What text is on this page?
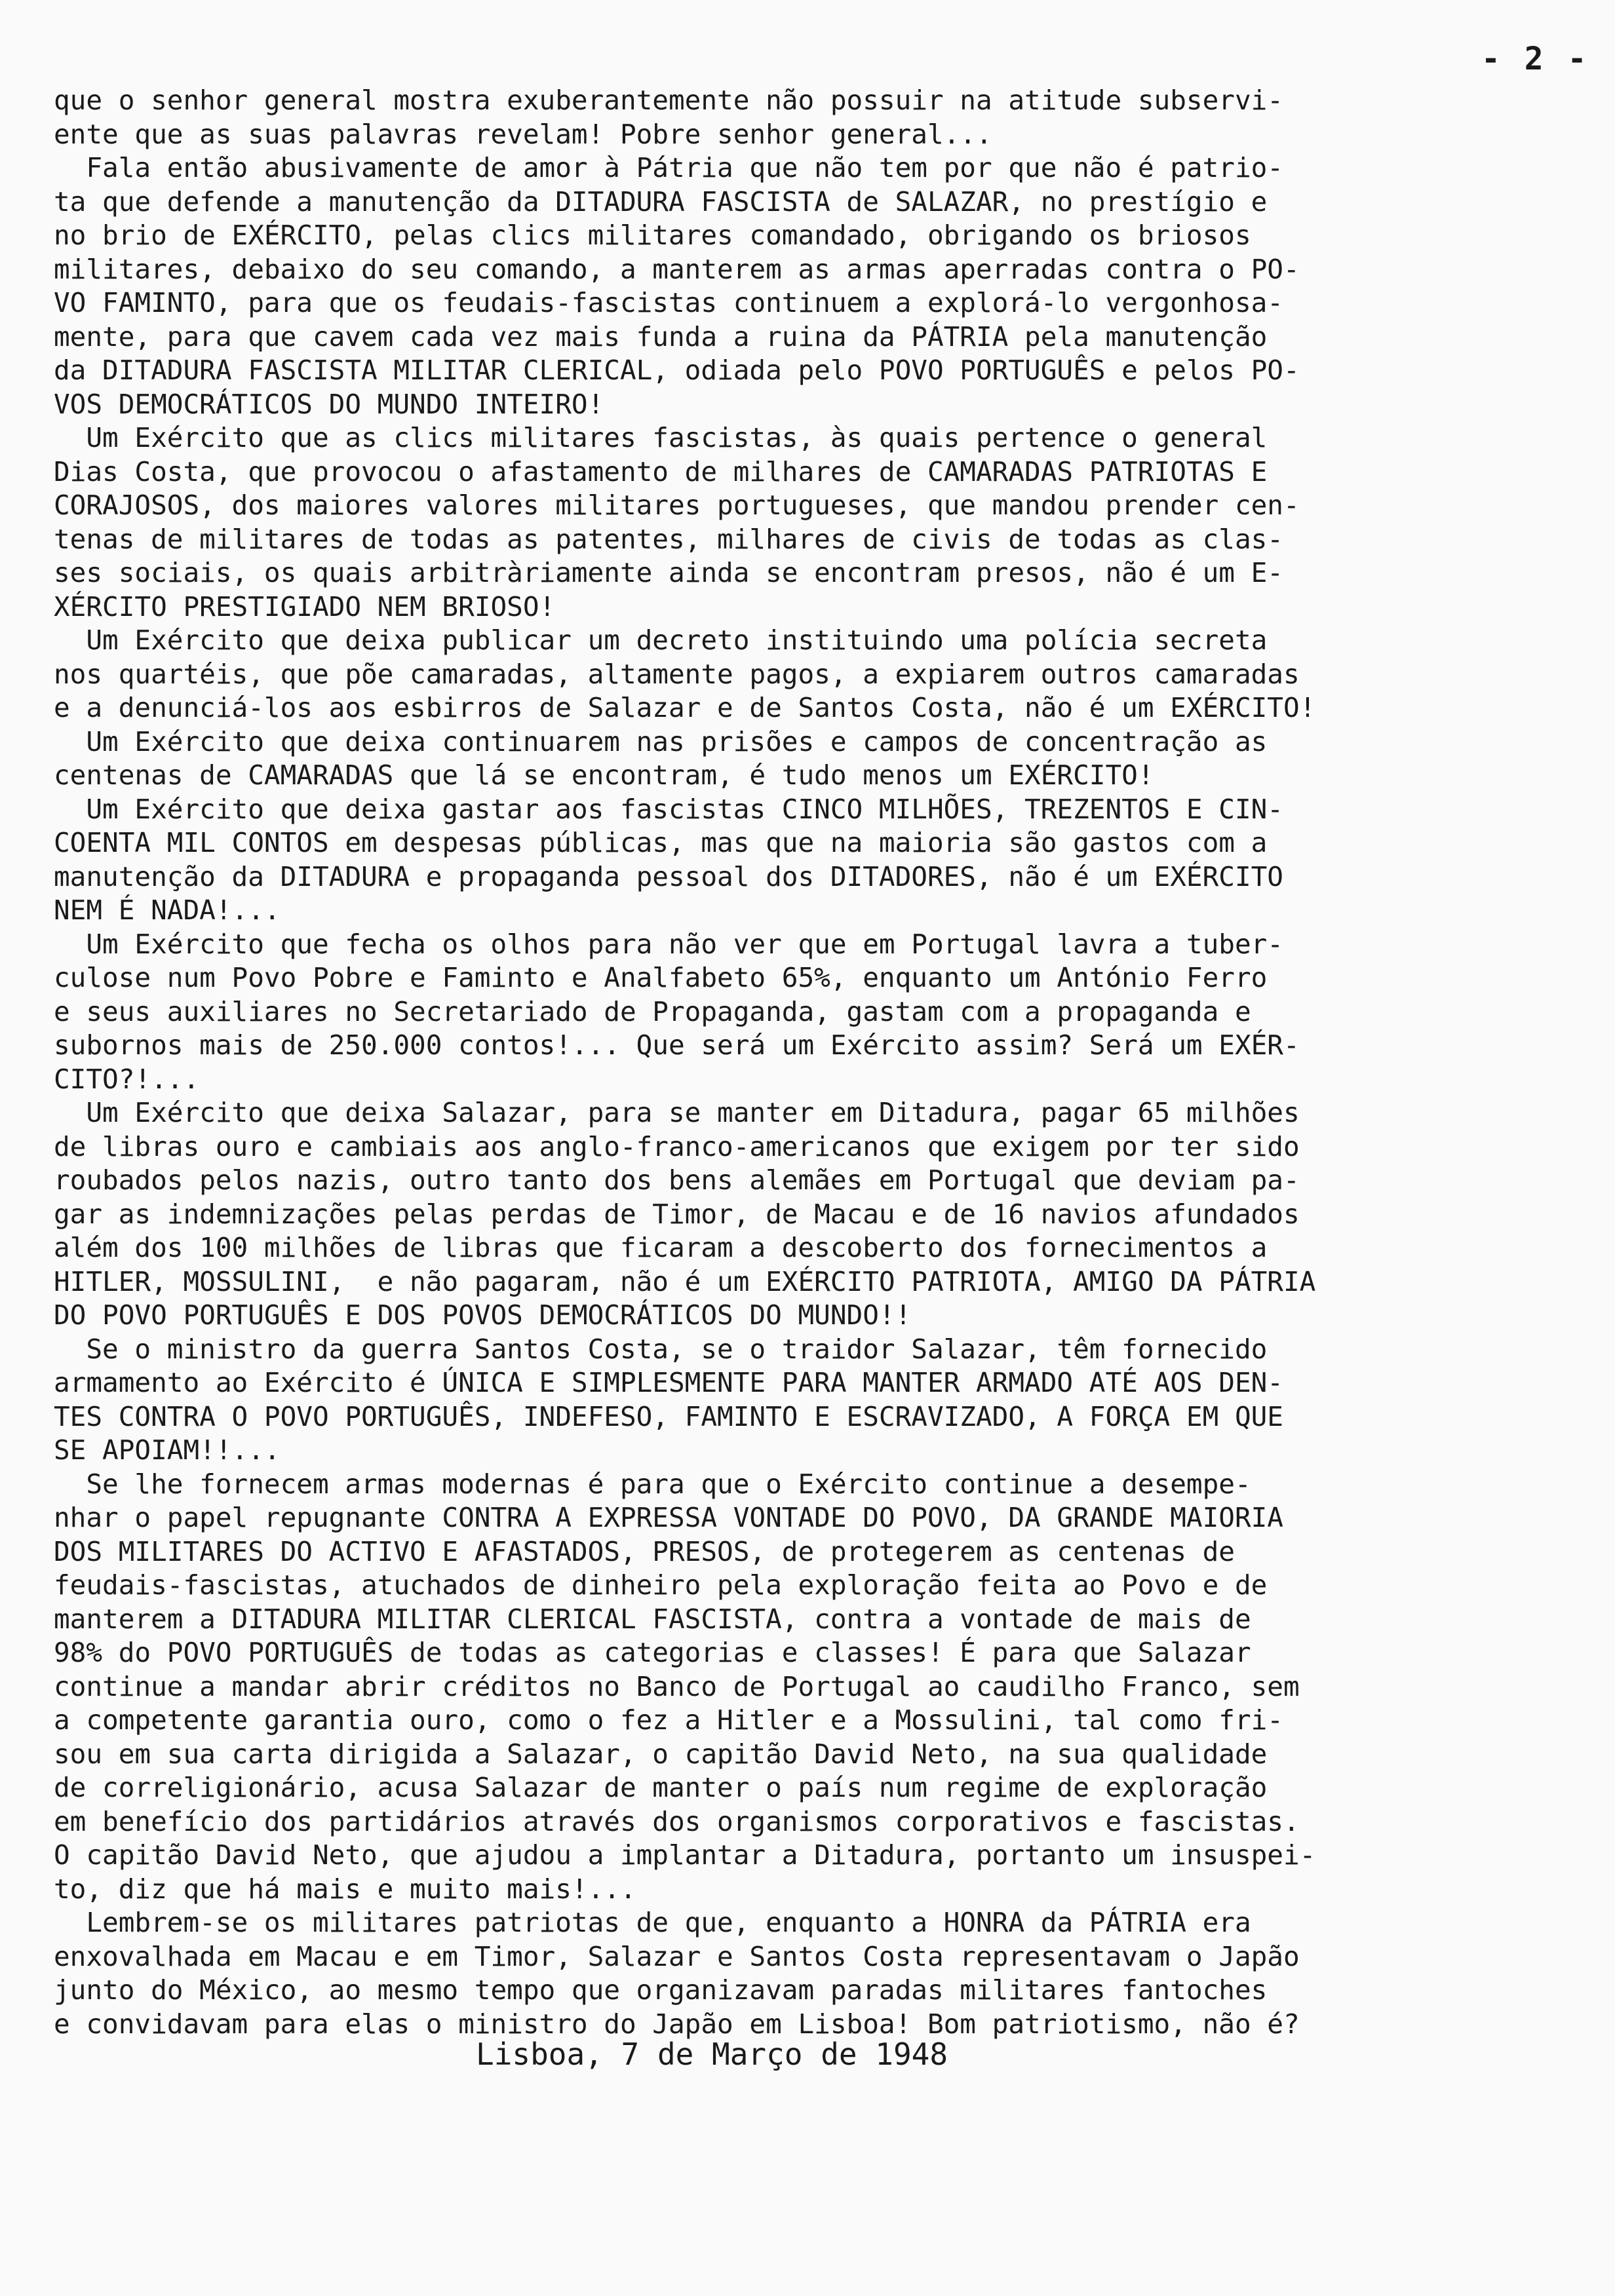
- 2 -
que o senhor general mostra exuberantemente não possuir na atitude subservi-
ente que as suas palavras revelam! Pobre senhor general...
Fala então abusivamente de amor à Pátria que não tem por que não é patrio-
ta que defende a manutenção da DITADURA FASCISTA de SALAZAR, no prestígio e
no brio de EXÉRCITO, pelas clics militares comandado, obrigando os briosos
militares, debaixo do seu comando, a manterem as armas aperradas contra o PO-
VO FAMINTO, para que os feudais-fascistas continuem a explorá-lo vergonhosa-
mente, para que cavem cada vez mais funda a ruina da PÁTRIA pela manutenção
da DITADURA FASCISTA MILITAR CLERICAL, odiada pelo POVO PORTUGUÊS e pelos PO-
VOS DEMOCRÁTICOS DO MUNDO INTEIRO!
Um Exército que as clics militares fascistas, às quais pertence o general
Dias Costa, que provocou o afastamento de milhares de CAMARADAS PATRIOTAS E
CORAJOSOS, dos maiores valores militares portugueses, que mandou prender cen-
tenas de militares de todas as patentes, milhares de civis de todas as clas-
ses sociais, os quais arbitràriamente ainda se encontram presos, não é um E-
XÉRCITO PRESTIGIADO NEM BRIOSO!
Um Exército que deixa publicar um decreto instituindo uma polícia secreta
nos quartéis, que põe camaradas, altamente pagos, a expiarem outros camaradas
e a denunciá-los aos esbirros de Salazar e de Santos Costa, não é um EXÉRCITO!
Um Exército que deixa continuarem nas prisões e campos de concentração as
centenas de CAMARADAS que lá se encontram, é tudo menos um EXÉRCITO!
Um Exército que deixa gastar aos fascistas CINCO MILHÕES, TREZENTOS E CIN-
COENTA MIL CONTOS em despesas públicas, mas que na maioria são gastos com a
manutenção da DITADURA e propaganda pessoal dos DITADORES, não é um EXÉRCITO
NEM É NADA!...
Um Exército que fecha os olhos para não ver que em Portugal lavra a tuber-
culose num Povo Pobre e Faminto e Analfabeto 65%, enquanto um António Ferro
e seus auxiliares no Secretariado de Propaganda, gastam com a propaganda e
subornos mais de 250.000 contos!... Que será um Exército assim? Será um EXÉR-
CITO?!...
Um Exército que deixa Salazar, para se manter em Ditadura, pagar 65 milhões
de libras ouro e cambiais aos anglo-franco-americanos que exigem por ter sido
roubados pelos nazis, outro tanto dos bens alemães em Portugal que deviam pa-
gar as indemnizações pelas perdas de Timor, de Macau e de 16 navios afundados
além dos 100 milhões de libras que ficaram a descoberto dos fornecimentos a
HITLER, MOSSULINI,  e não pagaram, não é um EXÉRCITO PATRIOTA, AMIGO DA PÁTRIA
DO POVO PORTUGUÊS E DOS POVOS DEMOCRÁTICOS DO MUNDO!!
Se o ministro da guerra Santos Costa, se o traidor Salazar, têm fornecido
armamento ao Exército é ÚNICA E SIMPLESMENTE PARA MANTER ARMADO ATÉ AOS DEN-
TES CONTRA O POVO PORTUGUÊS, INDEFESO, FAMINTO E ESCRAVIZADO, A FORÇA EM QUE
SE APOIAM!!...
Se lhe fornecem armas modernas é para que o Exército continue a desempe-
nhar o papel repugnante CONTRA A EXPRESSA VONTADE DO POVO, DA GRANDE MAIORIA
DOS MILITARES DO ACTIVO E AFASTADOS, PRESOS, de protegerem as centenas de
feudais-fascistas, atuchados de dinheiro pela exploração feita ao Povo e de
manterem a DITADURA MILITAR CLERICAL FASCISTA, contra a vontade de mais de
98% do POVO PORTUGUÊS de todas as categorias e classes! É para que Salazar
continue a mandar abrir créditos no Banco de Portugal ao caudilho Franco, sem
a competente garantia ouro, como o fez a Hitler e a Mossulini, tal como fri-
sou em sua carta dirigida a Salazar, o capitão David Neto, na sua qualidade
de correligionário, acusa Salazar de manter o país num regime de exploração
em benefício dos partidários através dos organismos corporativos e fascistas.
O capitão David Neto, que ajudou a implantar a Ditadura, portanto um insuspei-
to, diz que há mais e muito mais!...
Lembrem-se os militares patriotas de que, enquanto a HONRA da PÁTRIA era
enxovalhada em Macau e em Timor, Salazar e Santos Costa representavam o Japão
junto do México, ao mesmo tempo que organizavam paradas militares fantoches
e convidavam para elas o ministro do Japão em Lisboa! Bom patriotismo, não é?
Lisboa, 7 de Março de 1948
